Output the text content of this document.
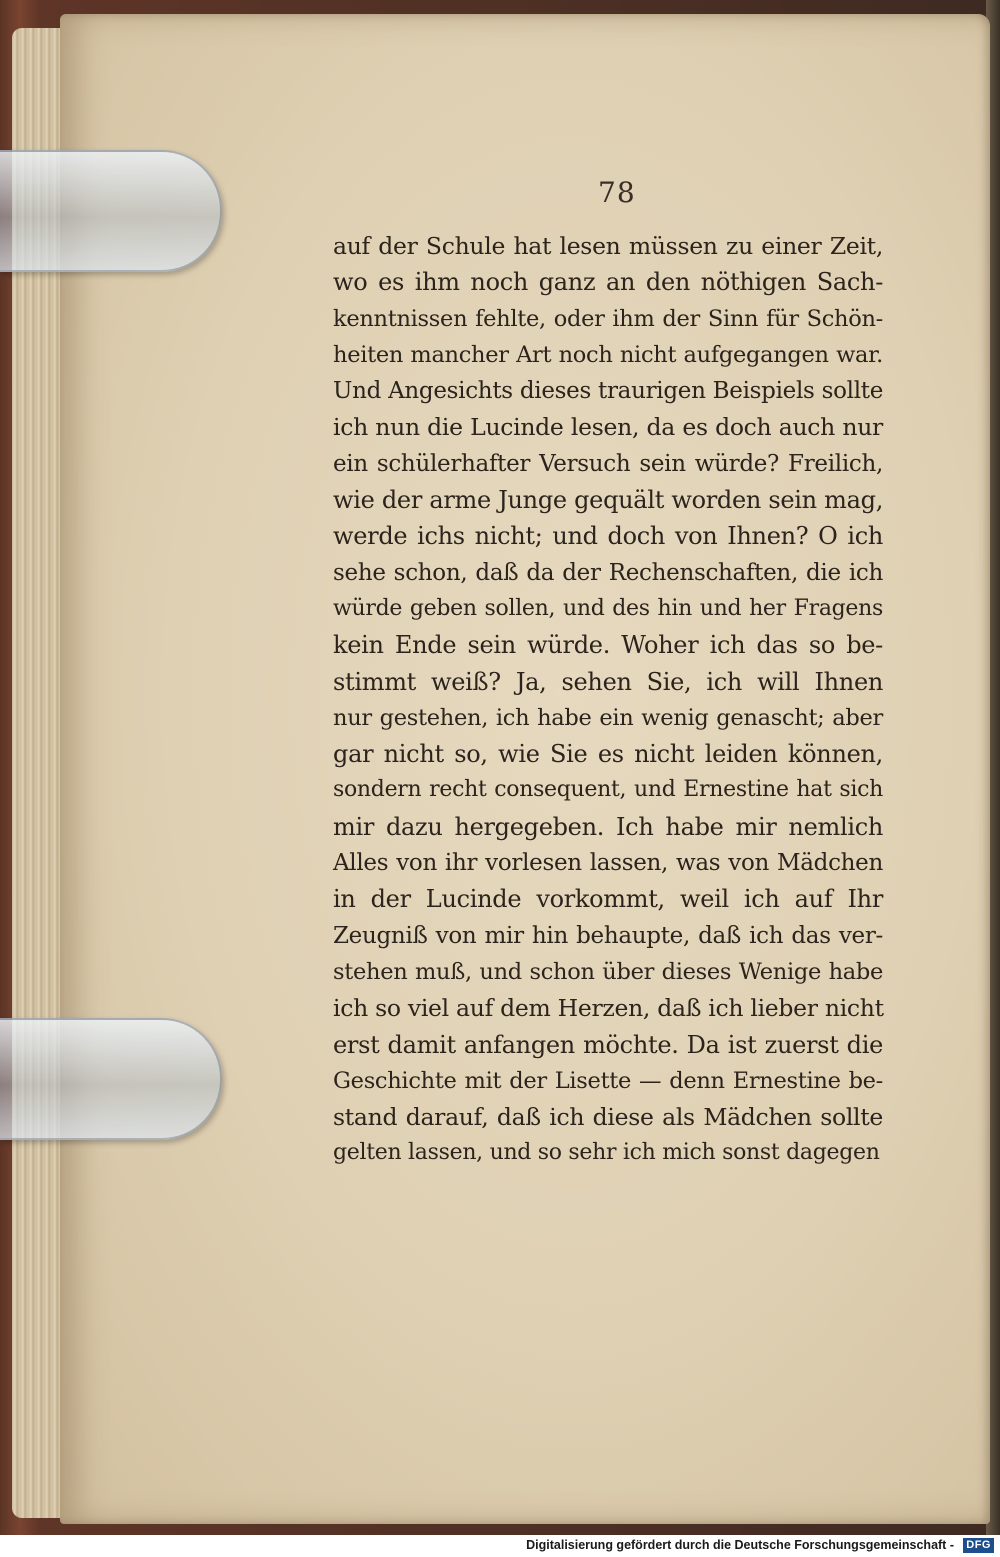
78
auf der Schule hat lesen müssen zu einer Zeit,
wo es ihm noch ganz an den nöthigen Sach-
kenntnissen fehlte, oder ihm der Sinn für Schön-
heiten mancher Art noch nicht aufgegangen war.
Und Angesichts dieses traurigen Beispiels sollte
ich nun die Lucinde lesen, da es doch auch nur
ein schülerhafter Versuch sein würde? Freilich,
wie der arme Junge gequält worden sein mag,
werde ichs nicht; und doch von Ihnen? O ich
sehe schon, daß da der Rechenschaften, die ich
würde geben sollen, und des hin und her Fragens
kein Ende sein würde. Woher ich das so be-
stimmt weiß? Ja, sehen Sie, ich will Ihnen
nur gestehen, ich habe ein wenig genascht; aber
gar nicht so, wie Sie es nicht leiden können,
sondern recht consequent, und Ernestine hat sich
mir dazu hergegeben. Ich habe mir nemlich
Alles von ihr vorlesen lassen, was von Mädchen
in der Lucinde vorkommt, weil ich auf Ihr
Zeugniß von mir hin behaupte, daß ich das ver-
stehen muß, und schon über dieses Wenige habe
ich so viel auf dem Herzen, daß ich lieber nicht
erst damit anfangen möchte. Da ist zuerst die
Geschichte mit der Lisette — denn Ernestine be-
stand darauf, daß ich diese als Mädchen sollte
gelten lassen, und so sehr ich mich sonst dagegen
Digitalisierung gefördert durch die Deutsche Forschungsgemeinschaft - DFG
